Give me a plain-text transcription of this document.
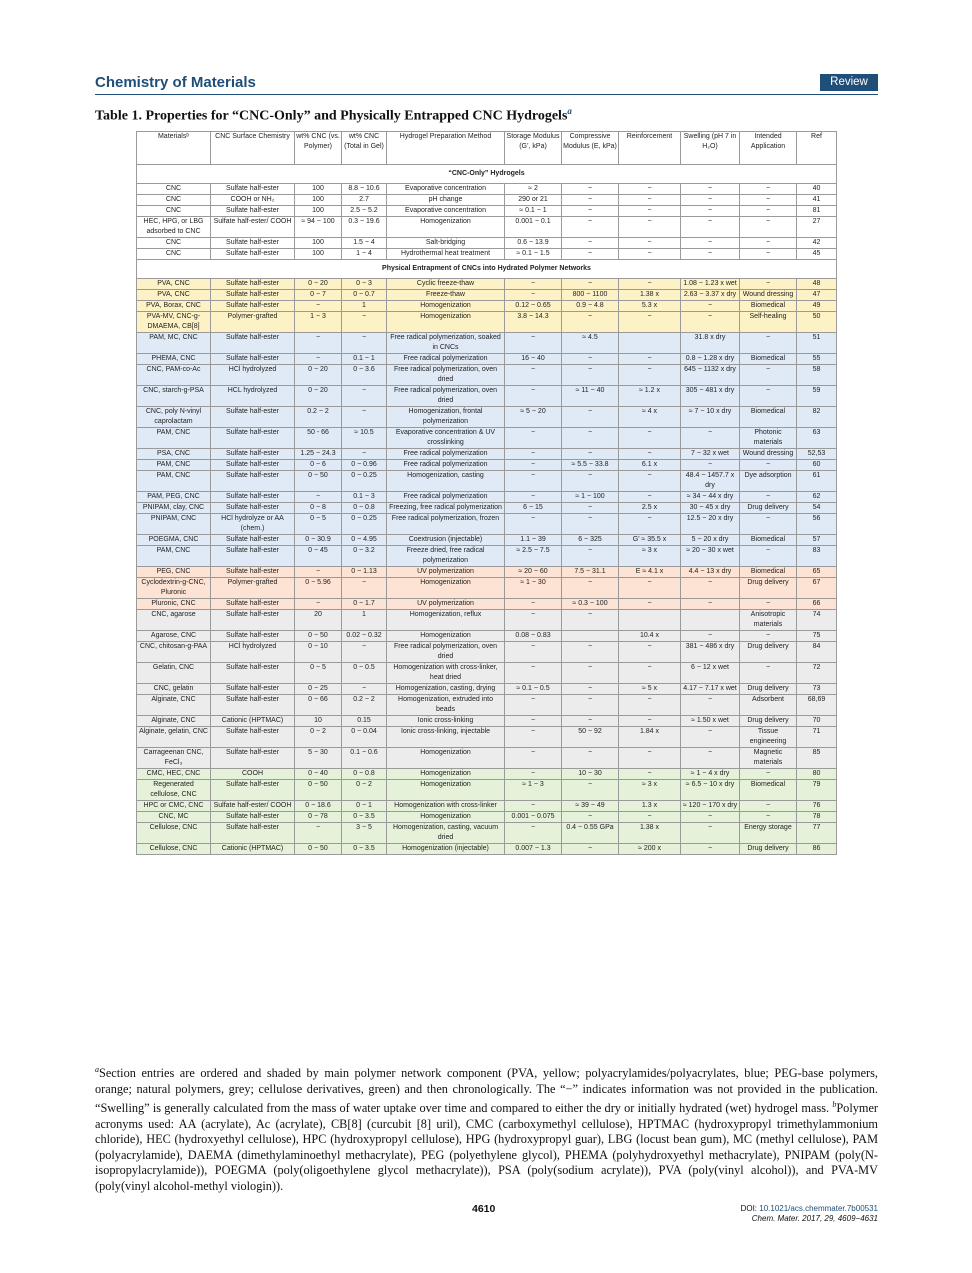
Chemistry of Materials	Review
Table 1. Properties for “CNC-Only” and Physically Entrapped CNC Hydrogels$^a$
Materialsᵇ	CNC Surface Chemistry	wt% CNC (vs. Polymer)	wt% CNC (Total in Gel)	Hydrogel Preparation Method	Storage Modulus (G’, kPa)	Compressive Modulus (E, kPa)	Reinforcement	Swelling (pH 7 in H₂O)	Intended Application	Ref
“CNC-Only” Hydrogels										
CNC	Sulfate half-ester	100	8.8 − 10.6	Evaporative concentration	≈ 2	−	−	−	−	40
CNC	COOH or NH₂	100	2.7	pH change	290 or 21	−	−	−	−	41
CNC	Sulfate half-ester	100	2.5 − 5.2	Evaporative concentration	≈ 0.1 − 1	−	−	−	−	81
HEC, HPG, or LBG adsorbed to CNC	Sulfate half-ester/ COOH	≈ 94 − 100	0.3 − 19.6	Homogenization	0.001 − 0.1	−	−	−	−	27
CNC	Sulfate half-ester	100	1.5 − 4	Salt-bridging	0.6 − 13.9	−	−	−	−	42
CNC	Sulfate half-ester	100	1 − 4	Hydrothermal heat treatment	≈ 0.1 − 1.5	−	−	−	−	45
Physical Entrapment of CNCs into Hydrated Polymer Networks										
PVA, CNC	Sulfate half-ester	0 − 20	0 − 3	Cyclic freeze-thaw	−	−	−	1.08 − 1.23 x wet	−	48
PVA, CNC	Sulfate half-ester	0 − 7	0 − 0.7	Freeze-thaw	−	800 − 1100	1.38 x	2.63 − 3.37 x dry	Wound dressing	47
PVA, Borax, CNC	Sulfate half-ester	−	1	Homogenization	0.12 − 0.65	0.9 − 4.8	5.3 x	−	Biomedical	49
PVA-MV, CNC-g-DMAEMA, CB[8]	Polymer-grafted	1 − 3	−	Homogenization	3.8 − 14.3	−	−	−	Self-healing	50
PAM, MC, CNC	Sulfate half-ester	−	−	Free radical polymerization, soaked in CNCs	−	≈ 4.5		31.8 x dry	−	51
PHEMA, CNC	Sulfate half-ester	−	0.1 − 1	Free radical polymerization	16 − 40	−	−	0.8 − 1.28 x dry	Biomedical	55
CNC, PAM-co-Ac	HCl hydrolyzed	0 − 20	0 − 3.6	Free radical polymerization, oven dried	−	−	−	645 − 1132 x dry	−	58
CNC, starch-g-PSA	HCL hydrolyzed	0 − 20	−	Free radical polymerization, oven dried	−	≈ 11 − 40	≈ 1.2 x	305 − 481 x dry	−	59
CNC, poly N-vinyl caprolactam	Sulfate half-ester	0.2 − 2	−	Homogenization, frontal polymerization	≈ 5 − 20	−	≈ 4 x	≈ 7 − 10 x dry	Biomedical	82
PAM, CNC	Sulfate half-ester	50 - 66	≈ 10.5	Evaporative concentration & UV crosslinking	−	−	−	−	Photonic materials	63
PSA, CNC	Sulfate half-ester	1.25 − 24.3	−	Free radical polymerization	−	−	−	7 − 32 x wet	Wound dressing	52,53
PAM, CNC	Sulfate half-ester	0 − 6	0 − 0.96	Free radical polymerization	−	≈ 5.5 − 33.8	6.1 x	−	−	60
PAM, CNC	Sulfate half-ester	0 − 50	0 − 0.25	Homogenization, casting	−	−	−	48.4 − 1457.7 x dry	Dye adsorption	61
PAM, PEG, CNC	Sulfate half-ester	−	0.1 − 3	Free radical polymerization	−	≈ 1 − 100	−	≈ 34 − 44 x dry	−	62
PNIPAM, clay, CNC	Sulfate half-ester	0 − 8	0 − 0.8	Freezing, free radical polymerization	6 − 15	−	2.5 x	30 − 45 x dry	Drug delivery	54
PNIPAM, CNC	HCl hydrolyze or AA (chem.)	0 − 5	0 − 0.25	Free radical polymerization, frozen	−	−	−	12.5 − 20 x dry	−	56
POEGMA, CNC	Sulfate half-ester	0 − 30.9	0 − 4.95	Coextrusion (injectable)	1.1 − 39	6 − 325	G’ ≈ 35.5 x	5 − 20 x dry	Biomedical	57
PAM, CNC	Sulfate half-ester	0 − 45	0 − 3.2	Freeze dried, free radical polymerization	≈ 2.5 − 7.5	−	≈ 3 x	≈ 20 − 30 x wet	−	83
PEG, CNC	Sulfate half-ester	−	0 − 1.13	UV polymerization	≈ 20 − 60	7.5 − 31.1	E ≈ 4.1 x	4.4 − 13 x dry	Biomedical	65
Cyclodextrin-g-CNC, Pluronic	Polymer-grafted	0 − 5.96	−	Homogenization	≈ 1 − 30	−	−	−	Drug delivery	67
Pluronic, CNC	Sulfate half-ester	−	0 − 1.7	UV polymerization	−	≈ 0.3 − 100	−	−	−	66
CNC, agarose	Sulfate half-ester	20	1	Homogenization, reflux	−	−			Anisotropic materials	74
Agarose, CNC	Sulfate half-ester	0 − 50	0.02 − 0.32	Homogenization	0.08 − 0.83		10.4 x	−	−	75
CNC, chitosan-g-PAA	HCl hydrolyzed	0 − 10	−	Free radical polymerization, oven dried	−	−	−	381 − 486 x dry	Drug delivery	84
Gelatin, CNC	Sulfate half-ester	0 − 5	0 − 0.5	Homogenization with cross-linker, heat dried	−	−	−	6 − 12 x wet	−	72
CNC, gelatin	Sulfate half-ester	0 − 25	−	Homogenization, casting, drying	≈ 0.1 − 0.5	−	≈ 5 x	4.17 − 7.17 x wet	Drug delivery	73
Alginate, CNC	Sulfate half-ester	0 − 66	0.2 − 2	Homogenization, extruded into beads	−	−	−	−	Adsorbent	68,69
Alginate, CNC	Cationic (HPTMAC)	10	0.15	Ionic cross-linking	−	−	−	≈ 1.50 x wet	Drug delivery	70
Alginate, gelatin, CNC	Sulfate half-ester	0 − 2	0 − 0.04	Ionic cross-linking, injectable	−	50 − 92	1.84 x	−	Tissue engineering	71
Carrageenan CNC, FeCl₃	Sulfate half-ester	5 − 30	0.1 − 0.6	Homogenization	−	−	−	−	Magnetic materials	85
CMC, HEC, CNC	COOH	0 − 40	0 − 0.8	Homogenization	−	10 − 30	−	≈ 1 − 4 x dry	−	80
Regenerated cellulose, CNC	Sulfate half-ester	0 − 50	0 − 2	Homogenization	≈ 1 − 3	−	≈ 3 x	≈ 6.5 − 10 x dry	Biomedical	79
HPC or CMC, CNC	Sulfate half-ester/ COOH	0 − 18.6	0 − 1	Homogenization with cross-linker	−	≈ 39 − 49	1.3 x	≈ 120 − 170 x dry	−	76
CNC, MC	Sulfate half-ester	0 − 78	0 − 3.5	Homogenization	0.001 − 0.075	−	−	−	−	78
Cellulose, CNC	Sulfate half-ester	−	3 − 5	Homogenization, casting, vacuum dried	−	0.4 − 0.55 GPa	1.38 x	−	Energy storage	77
Cellulose, CNC	Cationic (HPTMAC)	0 − 50	0 − 3.5	Homogenization (injectable)	0.007 − 1.3	−	≈ 200 x	−	Drug delivery	86
$^a$Section entries are ordered and shaded by main polymer network component (PVA, yellow; polyacrylamides/polyacrylates, blue; PEG-base polymers, orange; natural polymers, grey; cellulose derivatives, green) and then chronologically. The “−” indicates information was not provided in the publication. “Swelling” is generally calculated from the mass of water uptake over time and compared to either the dry or initially hydrated (wet) hydrogel mass. $^b$Polymer acronyms used: AA (acrylate), Ac (acrylate), CB[8] (curcubit [8] uril), CMC (carboxymethyl cellulose), HPTMAC (hydroxypropyl trimethylammonium chloride), HEC (hydroxyethyl cellulose), HPC (hydroxypropyl cellulose), HPG (hydroxypropyl guar), LBG (locust bean gum), MC (methyl cellulose), PAM (polyacrylamide), DAEMA (dimethylaminoethyl methacrylate), PEG (polyethylene glycol), PHEMA (polyhydroxyethyl methacrylate), PNIPAM (poly(N-isopropylacrylamide)), POEGMA (poly(oligoethylene glycol methacrylate)), PSA (poly(sodium acrylate)), PVA (poly(vinyl alcohol)), and PVA-MV (poly(vinyl alcohol-methyl viologin)).
4610	DOI: 10.1021/acs.chemmater.7b00531
Chem. Mater. 2017, 29, 4609−4631
